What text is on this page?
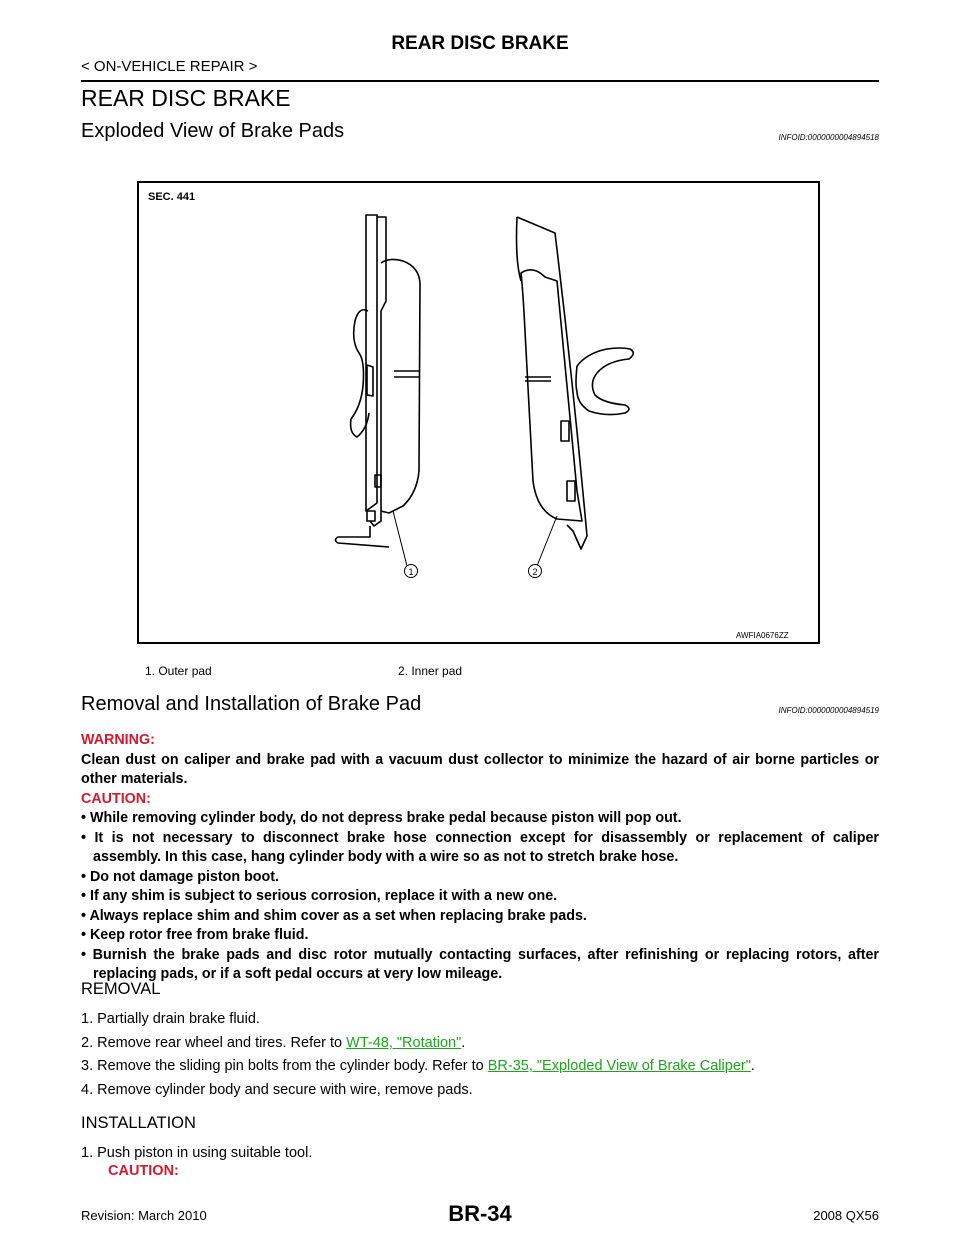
REAR DISC BRAKE
< ON-VEHICLE REPAIR >
REAR DISC BRAKE
Exploded View of Brake Pads	INFOID:0000000004894518
SEC. 441
1	2
AWFIA0676ZZ
1. Outer pad	2. Inner pad
Removal and Installation of Brake Pad	INFOID:0000000004894519
WARNING:
Clean dust on caliper and brake pad with a vacuum dust collector to minimize the hazard of air borne particles or other materials.
CAUTION:
• While removing cylinder body, do not depress brake pedal because piston will pop out.
• It is not necessary to disconnect brake hose connection except for disassembly or replacement of caliper assembly. In this case, hang cylinder body with a wire so as not to stretch brake hose.
• Do not damage piston boot.
• If any shim is subject to serious corrosion, replace it with a new one.
• Always replace shim and shim cover as a set when replacing brake pads.
• Keep rotor free from brake fluid.
• Burnish the brake pads and disc rotor mutually contacting surfaces, after refinishing or replacing rotors, after replacing pads, or if a soft pedal occurs at very low mileage.
REMOVAL
1. Partially drain brake fluid.
2. Remove rear wheel and tires. Refer to WT-48, "Rotation".
3. Remove the sliding pin bolts from the cylinder body. Refer to BR-35, "Exploded View of Brake Caliper".
4. Remove cylinder body and secure with wire, remove pads.
INSTALLATION
1. Push piston in using suitable tool.
CAUTION:
BR-34
Revision: March 2010	2008 QX56
